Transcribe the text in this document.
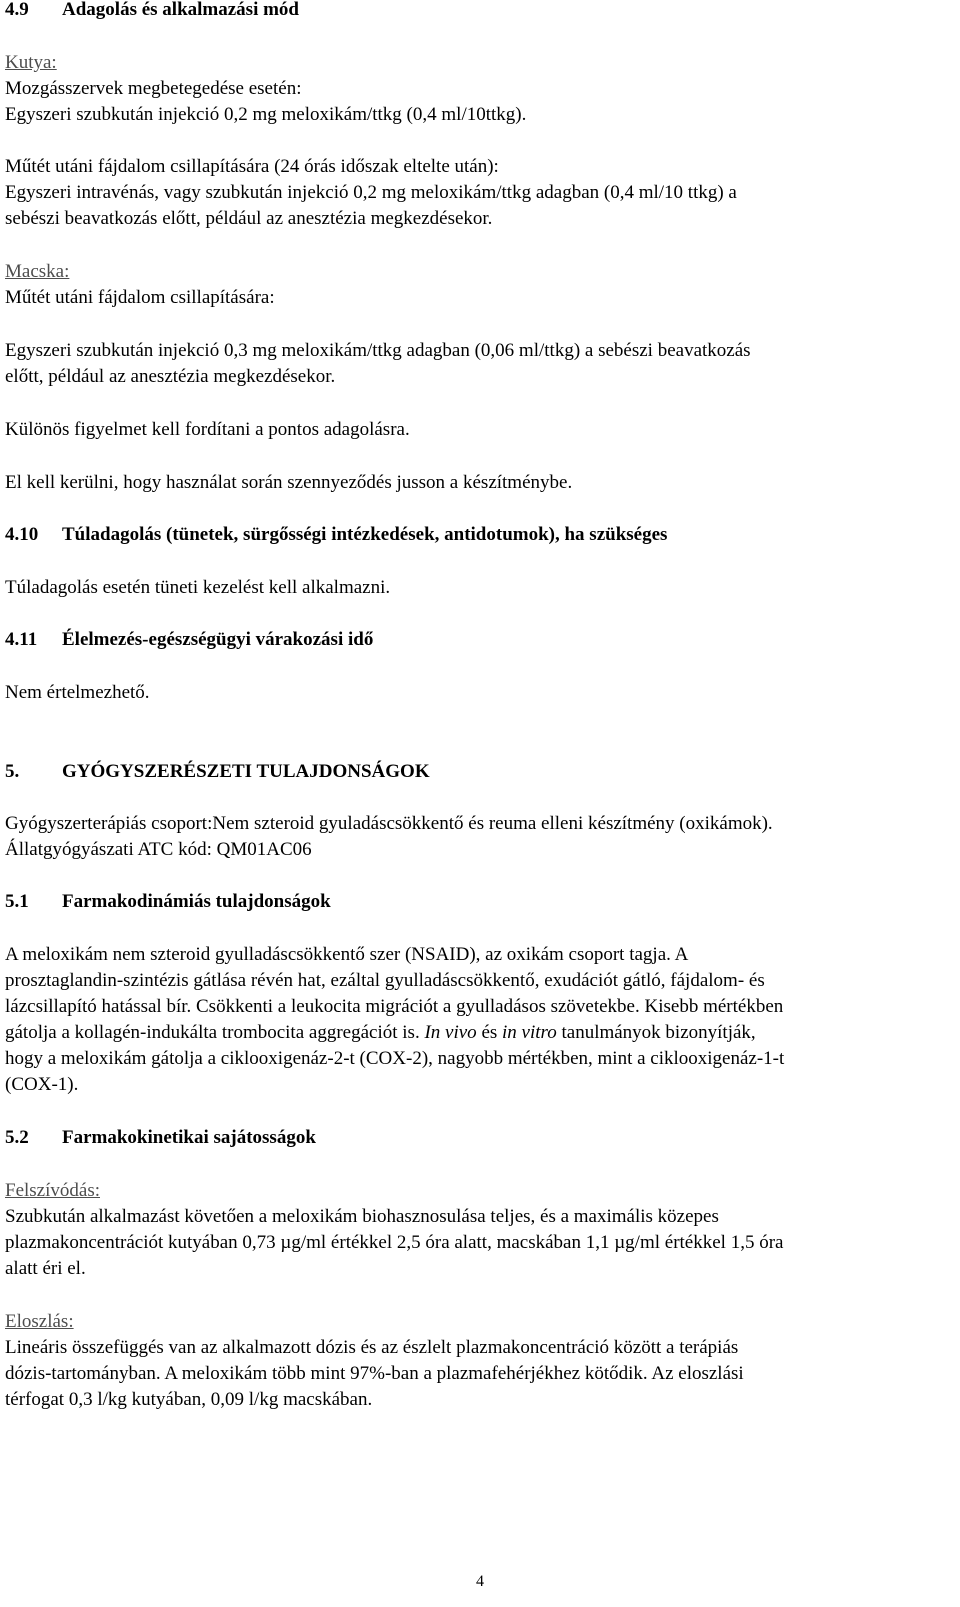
4.9 Adagolás és alkalmazási mód

Kutya:

Mozgásszervek megbetegedése esetén:

Egyszeri szubkután injekció 0,2 mg meloxikám/ttkg (0,4 ml/10ttkg).

Műtét utáni fájdalom csillapítására (24 órás időszak eltelte után):

Egyszeri intravénás, vagy szubkután injekció 0,2 mg meloxikám/ttkg adagban (0,4 ml/10 ttkg) a

sebészi beavatkozás előtt, például az anesztézia megkezdésekor.

Macska:

Műtét utáni fájdalom csillapítására:

Egyszeri szubkután injekció 0,3 mg meloxikám/ttkg adagban (0,06 ml/ttkg) a sebészi beavatkozás

előtt, például az anesztézia megkezdésekor.

Különös figyelmet kell fordítani a pontos adagolásra.

El kell kerülni, hogy használat során szennyeződés jusson a készítménybe.

4.10 Túladagolás (tünetek, sürgősségi intézkedések, antidotumok), ha szükséges

Túladagolás esetén tüneti kezelést kell alkalmazni.

4.11 Élelmezés-egészségügyi várakozási idő

Nem értelmezhető.

5. GYÓGYSZERÉSZETI TULAJDONSÁGOK

Gyógyszerterápiás csoport:Nem szteroid gyuladáscsökkentő és reuma elleni készítmény (oxikámok).

Állatgyógyászati ATC kód: QM01AC06

5.1 Farmakodinámiás tulajdonságok

A meloxikám nem szteroid gyulladáscsökkentő szer (NSAID), az oxikám csoport tagja. A

prosztaglandin-szintézis gátlása révén hat, ezáltal gyulladáscsökkentő, exudációt gátló, fájdalom- és

lázcsillapító hatással bír. Csökkenti a leukocita migrációt a gyulladásos szövetekbe. Kisebb mértékben

gátolja a kollagén-indukálta trombocita aggregációt is. In vivo és in vitro tanulmányok bizonyítják,

hogy a meloxikám gátolja a ciklooxigenáz-2-t (COX-2), nagyobb mértékben, mint a ciklooxigenáz-1-t

(COX-1).

5.2 Farmakokinetikai sajátosságok

Felszívódás:

Szubkután alkalmazást követően a meloxikám biohasznosulása teljes, és a maximális közepes

plazmakoncentrációt kutyában 0,73 µg/ml értékkel 2,5 óra alatt, macskában 1,1 µg/ml értékkel 1,5 óra

alatt éri el.

Eloszlás:

Lineáris összefüggés van az alkalmazott dózis és az észlelt plazmakoncentráció között a terápiás

dózis-tartományban. A meloxikám több mint 97%-ban a plazmafehérjékhez kötődik. Az eloszlási

térfogat 0,3 l/kg kutyában, 0,09 l/kg macskában.

4
